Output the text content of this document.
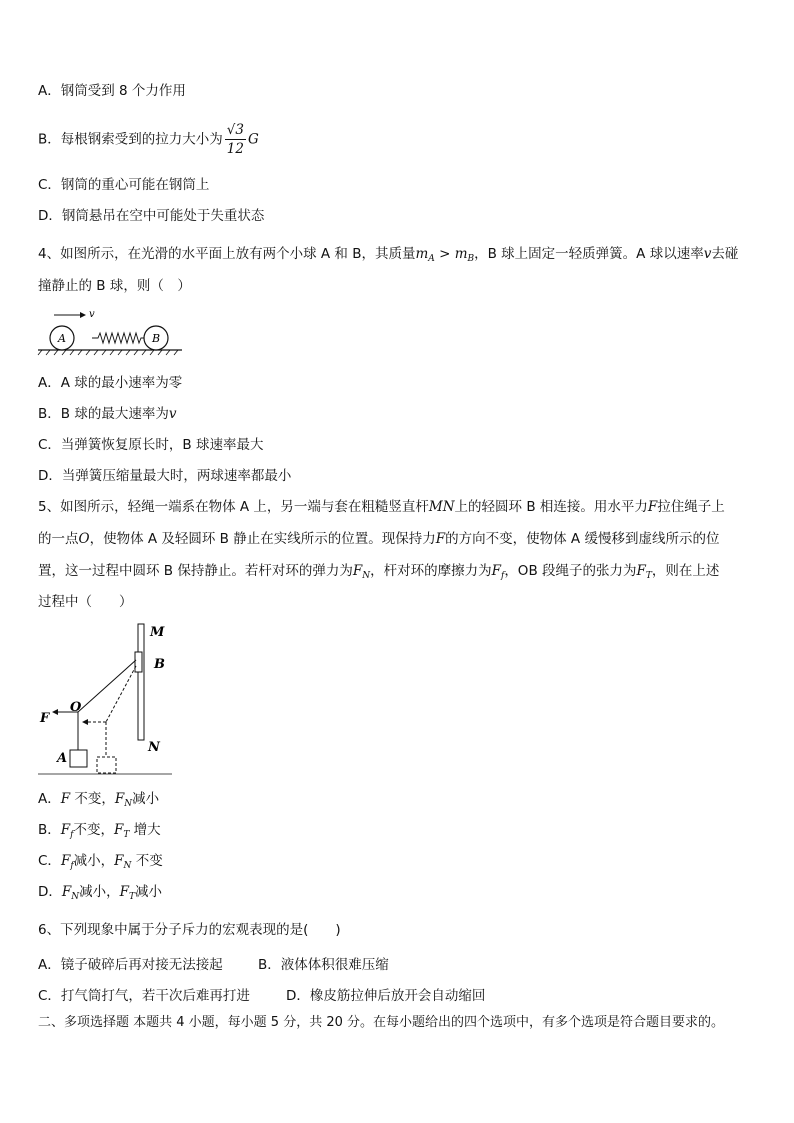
A．钢筒受到 8 个力作用
B．每根钢索受到的拉力大小为 $\frac{√3}{12}$ G
C．钢筒的重心可能在钢筒上
D．钢筒悬吊在空中可能处于失重状态
4、如图所示，在光滑的水平面上放有两个小球 A 和 B，其质量$m_A > m_B$，B 球上固定一轻质弹簧。A 球以速率v去碰
撞静止的 B 球，则（　）
A	B
v
A．A 球的最小速率为零
B．B 球的最大速率为v
C．当弹簧恢复原长时，B 球速率最大
D．当弹簧压缩量最大时，两球速率都最小
5、如图所示，轻绳一端系在物体 A 上，另一端与套在粗糙竖直杆MN上的轻圆环 B 相连接。用水平力F拉住绳子上
的一点O，使物体 A 及轻圆环 B 静止在实线所示的位置。现保持力F的方向不变，使物体 A 缓慢移到虚线所示的位
置，这一过程中圆环 B 保持静止。若杆对环的弹力为$F_N$，杆对环的摩擦力为$F_f$，OB 段绳子的张力为$F_T$，则在上述
过程中（　　）
M
N
B
O
F
A
A．F 不变，$F_N$减小
B．$F_f$不变，$F_T$ 增大
C．$F_f$减小，$F_N$ 不变
D．$F_N$减小，$F_T$减小
6、下列现象中属于分子斥力的宏观表现的是(　　)
A．镜子破碎后再对接无法接起	B．液体体积很难压缩
C．打气筒打气，若干次后难再打进	D．橡皮筋拉伸后放开会自动缩回
二、多项选择题 本题共 4 小题，每小题 5 分，共 20 分。在每小题给出的四个选项中，有多个选项是符合题目要求的。
